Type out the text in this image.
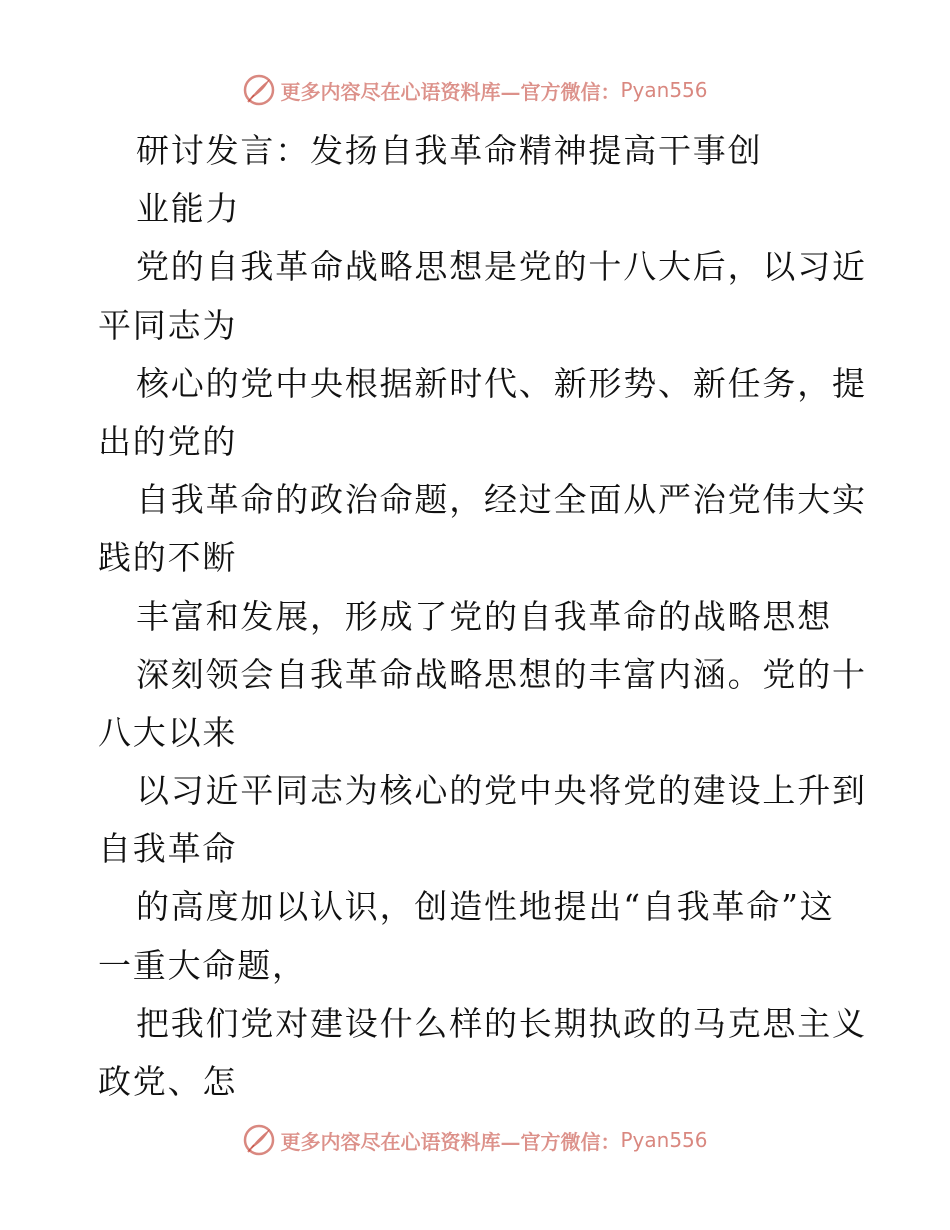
更多内容尽在心语资料库—官方微信： Pyan556
研讨发言：发扬自我革命精神提高干事创
业能力
党的自我革命战略思想是党的十八大后，以习近
平同志为
核心的党中央根据新时代、新形势、新任务，提
出的党的
自我革命的政治命题，经过全面从严治党伟大实
践的不断
丰富和发展，形成了党的自我革命的战略思想
深刻领会自我革命战略思想的丰富内涵。党的十
八大以来
以习近平同志为核心的党中央将党的建设上升到
自我革命
的高度加以认识，创造性地提出“自我革命”这
一重大命题，
把我们党对建设什么样的长期执政的马克思主义
政党、怎
更多内容尽在心语资料库—官方微信： Pyan556
